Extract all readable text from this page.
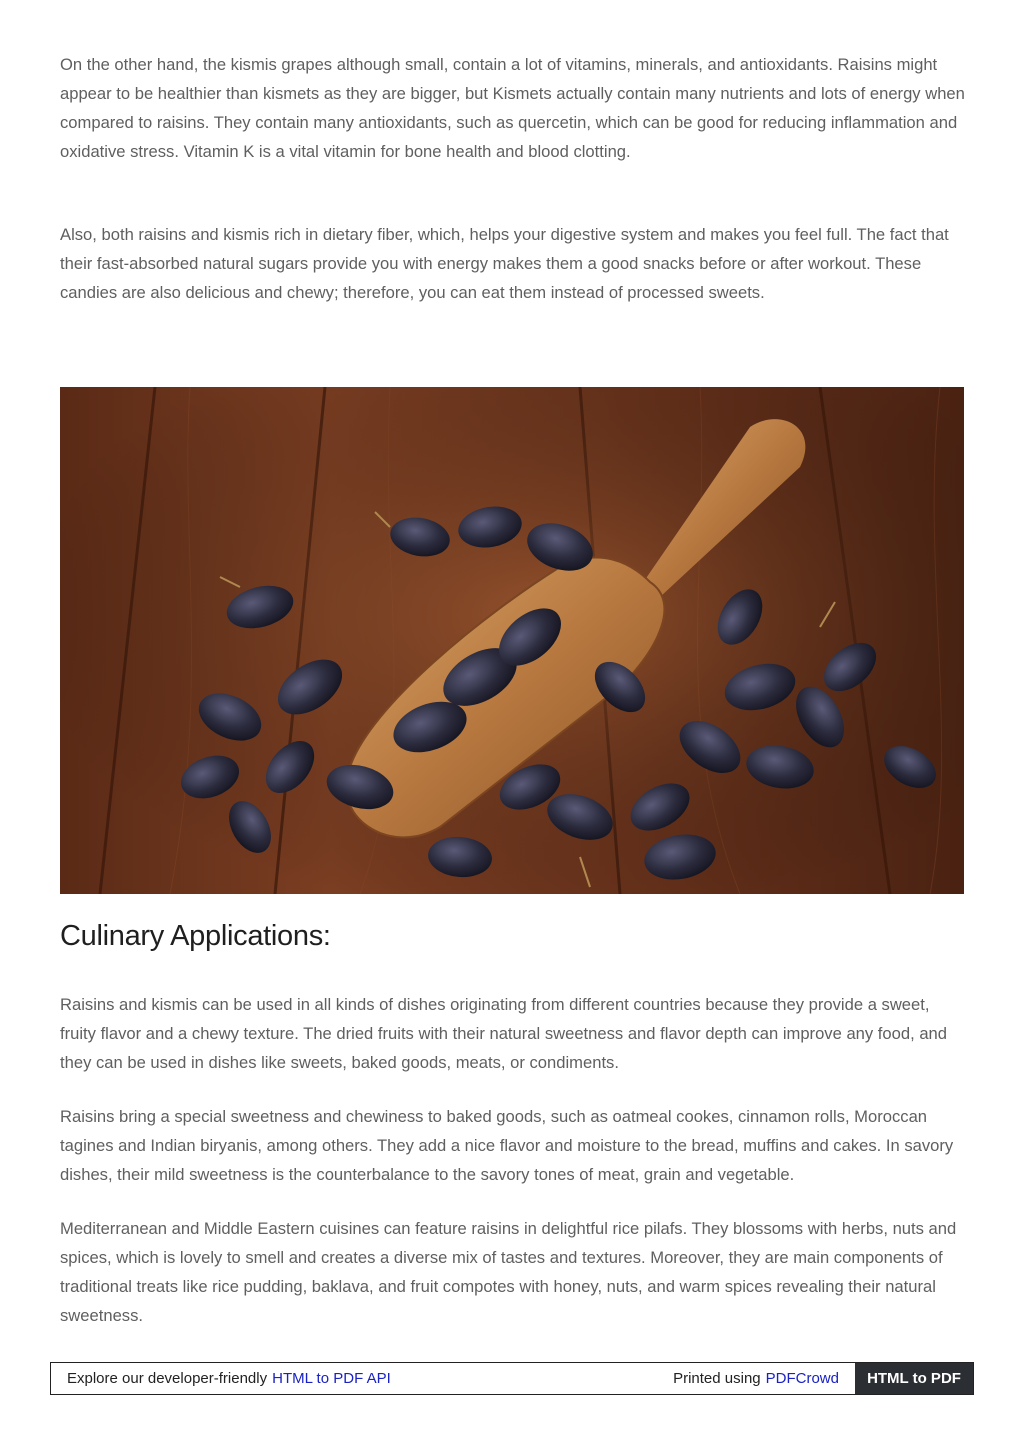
On the other hand, the kismis grapes although small, contain a lot of vitamins, minerals, and antioxidants. Raisins might appear to be healthier than kismets as they are bigger, but Kismets actually contain many nutrients and lots of energy when compared to raisins. They contain many antioxidants, such as quercetin, which can be good for reducing inflammation and oxidative stress. Vitamin K is a vital vitamin for bone health and blood clotting.

Also, both raisins and kismis rich in dietary fiber, which, helps your digestive system and makes you feel full. The fact that their fast-absorbed natural sugars provide you with energy makes them a good snacks before or after workout. These candies are also delicious and chewy; therefore, you can eat them instead of processed sweets.

Culinary Applications:

Raisins and kismis can be used in all kinds of dishes originating from different countries because they provide a sweet, fruity flavor and a chewy texture. The dried fruits with their natural sweetness and flavor depth can improve any food, and they can be used in dishes like sweets, baked goods, meats, or condiments.

Raisins bring a special sweetness and chewiness to baked goods, such as oatmeal cookes, cinnamon rolls, Moroccan tagines and Indian biryanis, among others. They add a nice flavor and moisture to the bread, muffins and cakes. In savory dishes, their mild sweetness is the counterbalance to the savory tones of meat, grain and vegetable.

Mediterranean and Middle Eastern cuisines can feature raisins in delightful rice pilafs. They blossoms with herbs, nuts and spices, which is lovely to smell and creates a diverse mix of tastes and textures. Moreover, they are main components of traditional treats like rice pudding, baklava, and fruit compotes with honey, nuts, and warm spices revealing their natural sweetness.

Explore our developer-friendly HTML to PDF API	Printed using PDFCrowd	HTML to PDF
